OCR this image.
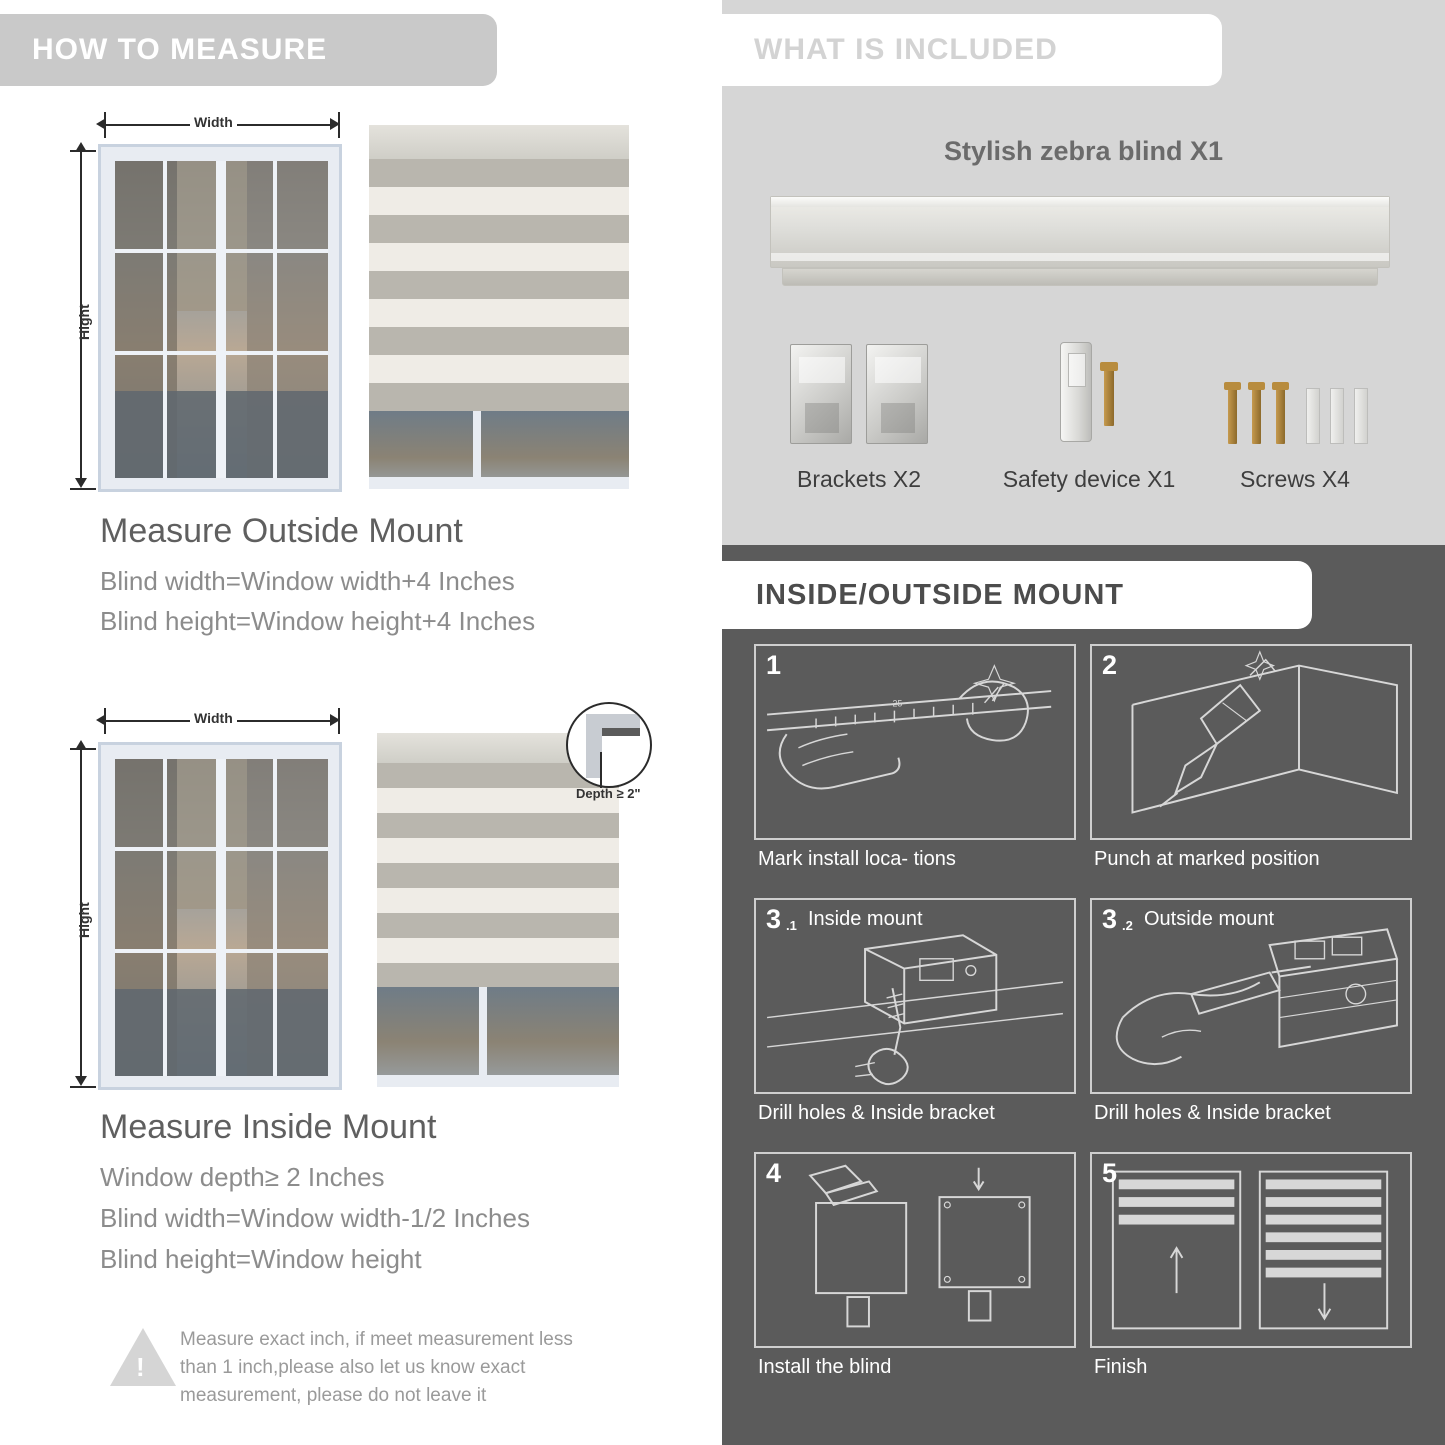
HOW TO MEASURE
Width
Hight
Measure Outside Mount
Blind width=Window width+4 Inches
Blind height=Window height+4 Inches
Width
Hight
Depth ≥ 2"
Measure Inside Mount
Window depth≥ 2 Inches
Blind width=Window width-1/2 Inches
Blind height=Window height
!
Measure exact inch, if meet measurement less
than 1 inch,please also let us know exact
measurement, please do not leave it
WHAT IS INCLUDED
Stylish zebra blind X1
Brackets X2	Safety device X1	Screws X4
INSIDE/OUTSIDE MOUNT
25
1
Mark install loca- tions
2
Punch at marked position
3 .1 Inside mount
Drill holes & Inside bracket
3 .2 Outside mount
Drill holes & Inside bracket
4
Install the blind
5
Finish
